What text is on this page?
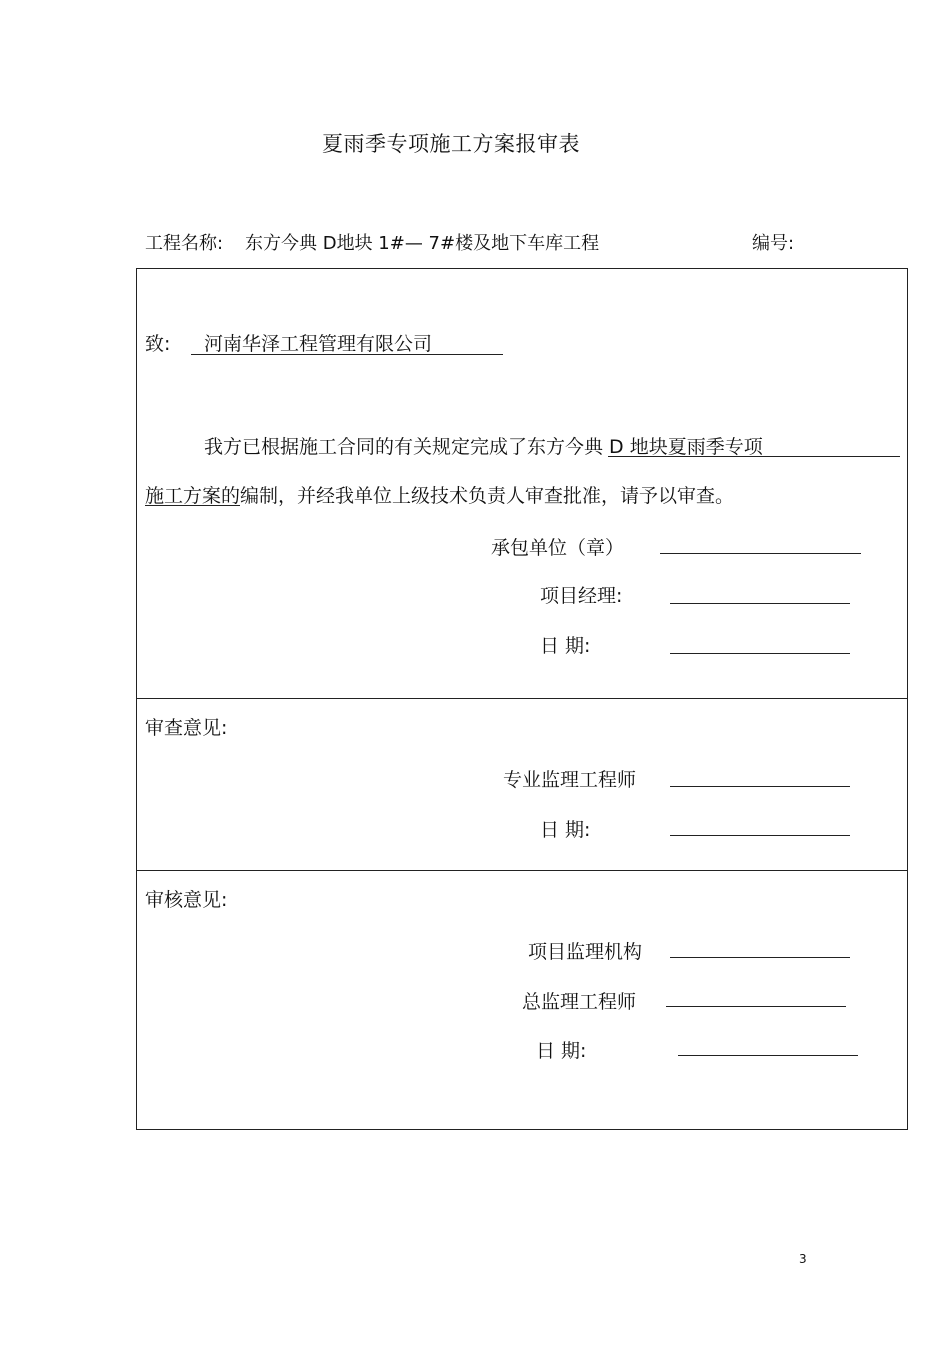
夏雨季专项施工方案报审表
工程名称: 东方今典 D地块 1#— 7#楼及地下车库工程	编号:
致: 河南华泽工程管理有限公司
我方已根据施工合同的有关规定完成了东方今典 D 地块夏雨季专项
施工方案的编制，并经我单位上级技术负责人审查批准，请予以审查。
承包单位（章）
项目经理:
日 期:
审查意见:
专业监理工程师
日 期:
审核意见:
项目监理机构
总监理工程师
日 期:
3
